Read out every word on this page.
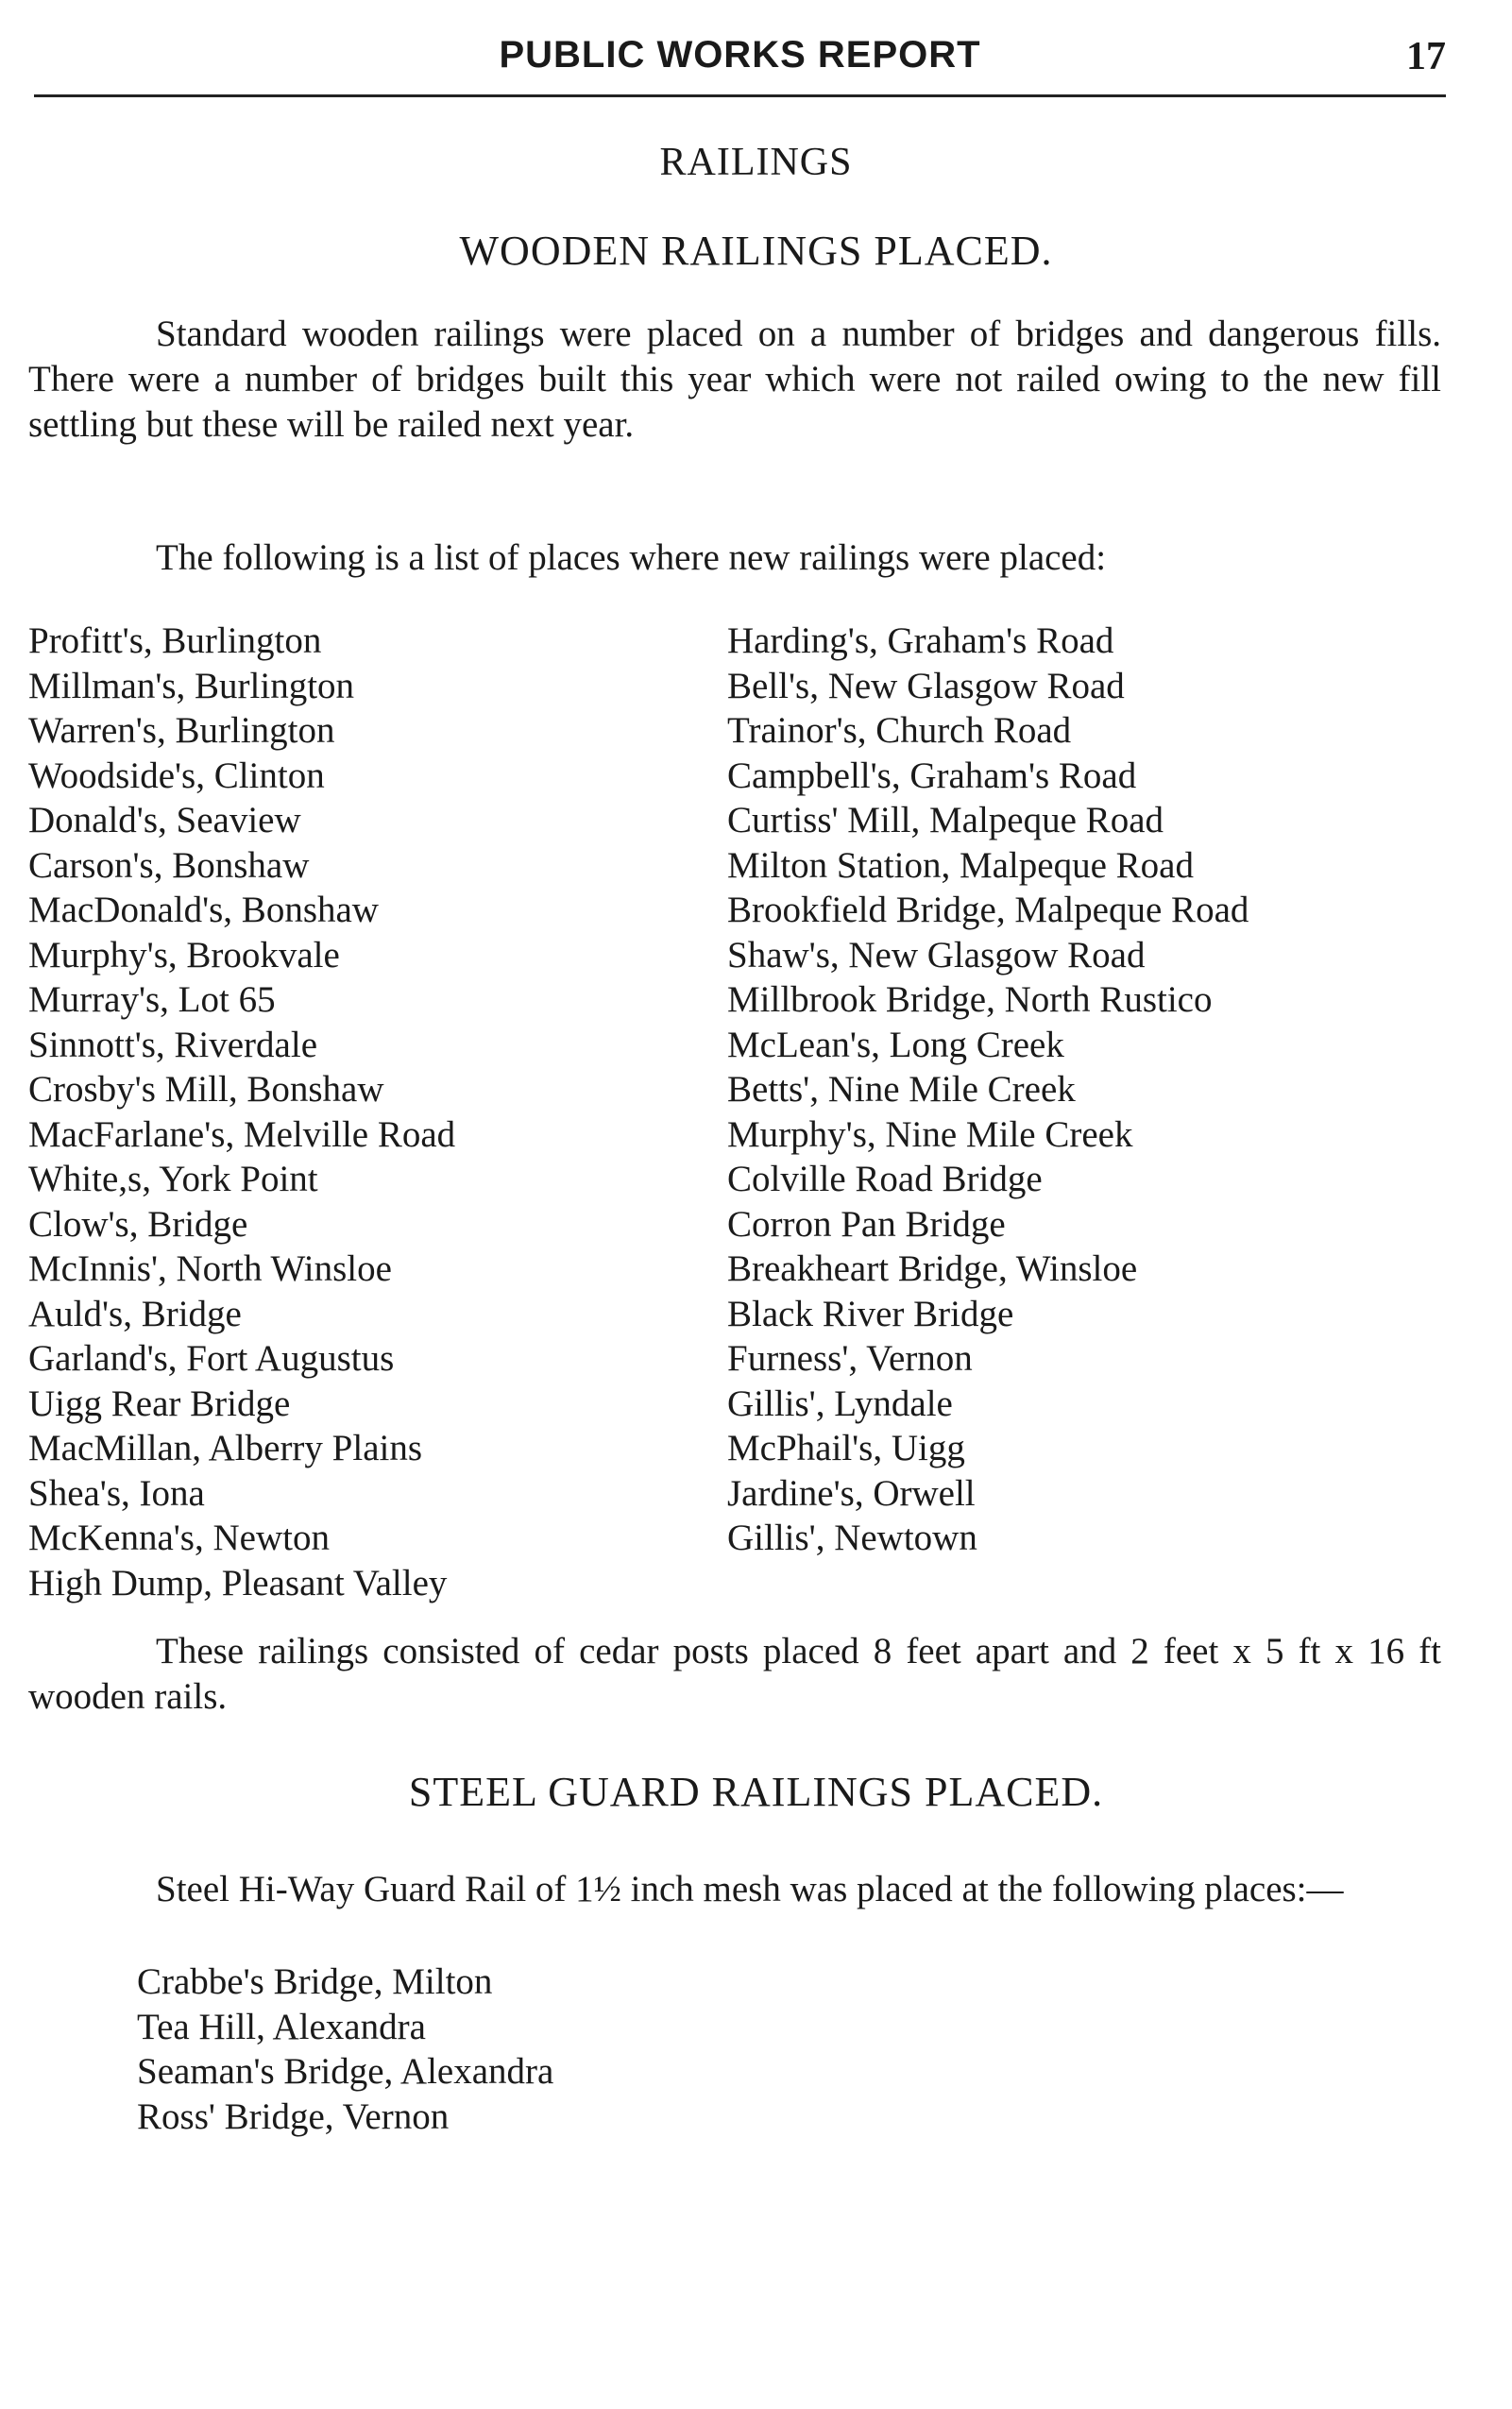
PUBLIC WORKS REPORT	17
RAILINGS
WOODEN RAILINGS PLACED.

Standard wooden railings were placed on a number of bridges and dangerous fills. There were a number of bridges built this year which were not railed owing to the new fill settling but these will be railed next year.

The following is a list of places where new railings were placed:

Profitt's, Burlington
Millman's, Burlington
Warren's, Burlington
Woodside's, Clinton
Donald's, Seaview
Carson's, Bonshaw
MacDonald's, Bonshaw
Murphy's, Brookvale
Murray's, Lot 65
Sinnott's, Riverdale
Crosby's Mill, Bonshaw
MacFarlane's, Melville Road
White,s, York Point
Clow's, Bridge
McInnis', North Winsloe
Auld's, Bridge
Garland's, Fort Augustus
Uigg Rear Bridge
MacMillan, Alberry Plains
Shea's, Iona
McKenna's, Newton
High Dump, Pleasant Valley
Harding's, Graham's Road
Bell's, New Glasgow Road
Trainor's, Church Road
Campbell's, Graham's Road
Curtiss' Mill, Malpeque Road
Milton Station, Malpeque Road
Brookfield Bridge, Malpeque Road
Shaw's, New Glasgow Road
Millbrook Bridge, North Rustico
McLean's, Long Creek
Betts', Nine Mile Creek
Murphy's, Nine Mile Creek
Colville Road Bridge
Corron Pan Bridge
Breakheart Bridge, Winsloe
Black River Bridge
Furness', Vernon
Gillis', Lyndale
McPhail's, Uigg
Jardine's, Orwell
Gillis', Newtown

These railings consisted of cedar posts placed 8 feet apart and 2 feet x 5 ft x 16 ft wooden rails.

STEEL GUARD RAILINGS PLACED.

Steel Hi-Way Guard Rail of 1½ inch mesh was placed at the following places:—

Crabbe's Bridge, Milton
Tea Hill, Alexandra
Seaman's Bridge, Alexandra
Ross' Bridge, Vernon
